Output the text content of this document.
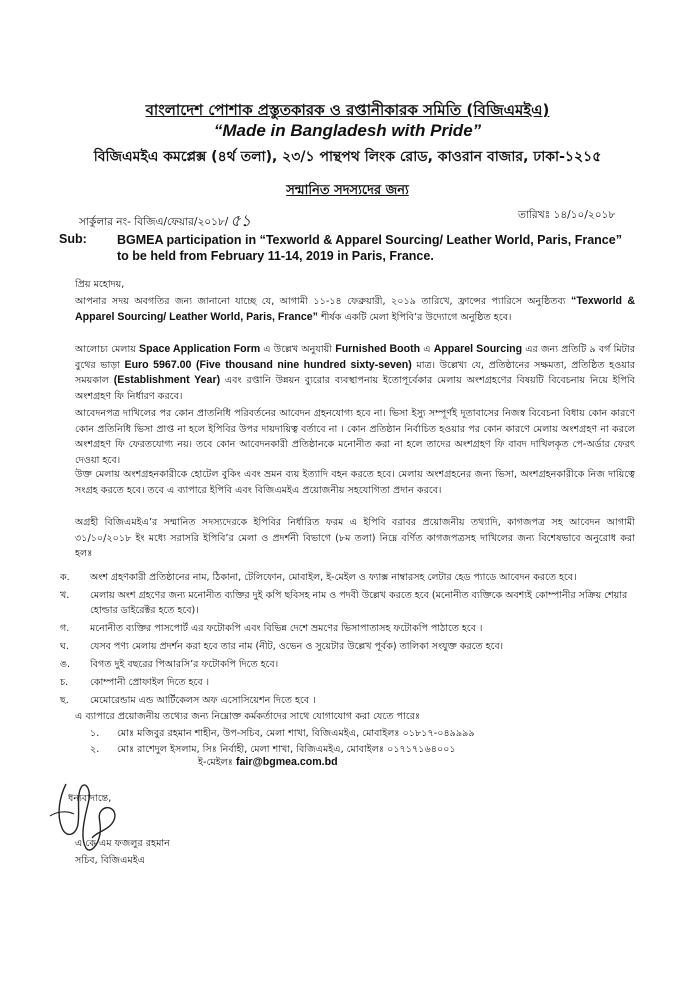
বাংলাদেশ পোশাক প্রস্তুতকারক ও রপ্তানীকারক সমিতি (বিজিএমইএ)
“Made in Bangladesh with Pride”
বিজিএমইএ কমপ্লেক্স (৪র্থ তলা), ২৩/১ পান্থপথ লিংক রোড, কাওরান বাজার, ঢাকা-১২১৫
সন্মানিত সদস্যদের জন্য
সার্কুলার নং- বিজিএ/ফেয়ার/২০১৮/ ৫১	তারিখঃ ১৪/১০/২০১৮
Sub: BGMEA participation in “Texworld & Apparel Sourcing/ Leather World, Paris, France” to be held from February 11-14, 2019 in Paris, France.
প্রিয় মহোদয়,
আপনার সদয় অবগতির জন্য জানানো যাচ্ছে যে, আগামী ১১-১৪ ফেব্রুয়ারী, ২০১৯ তারিখে, ফ্রান্সের প্যারিসে অনুষ্ঠিতব্য “Texworld & Apparel Sourcing/ Leather World, Paris, France” শীর্ষক একটি মেলা ইপিবি’র উদ্যোগে অনুষ্ঠিত হবে।
আলোচ্য মেলায় Space Application Form এ উল্লেখ অনুযায়ী Furnished Booth এ Apparel Sourcing এর জন্য প্রতিটি ৯ বর্গ মিটার বুথের ভাড়া Euro 5967.00 (Five thousand nine hundred sixty-seven) মাত্র। উল্লেখ্য যে, প্রতিষ্ঠানের সক্ষমতা, প্রতিষ্ঠিত হওয়ার সময়কাল (Establishment Year) এবং রপ্তানি উন্নয়ন ব্যুরোর ব্যবস্থাপনায় ইতোপূর্বেকার মেলায় অংশগ্রহণের বিষয়টি বিবেচনায় নিয়ে ইপিবি অংশগ্রহণ ফি নির্ধারণ করবে।
আবেদনপত্র দাখিলের পর কোন প্রাতনিধি পরিবর্তনের আবেদন গ্রহনযোগ্য হবে না। ভিসা ইস্যু সম্পূর্ণই দূতাবাসের নিজস্ব বিবেচনা বিধায় কোন কারণে কোন প্রতিনিধি ভিসা প্রাপ্ত না হলে ইপিবির উপর দায়দায়িত্ব বর্তাবে না । কোন প্রতিষ্ঠান নির্বাচিত হওয়ার পর কোন কারণে মেলায় অংশগ্রহণ না করলে অংশগ্রহণ ফি ফেরতযোগ্য নয়। তবে কোন আবেদনকারী প্রতিষ্ঠানকে মনোনীত করা না হলে তাদের অংশগ্রহণ ফি বাবদ দাখিলকৃত পে-অর্ডার ফেরৎ দেওয়া হবে।
উক্ত মেলায় অংশগ্রহনকারীকে হোটেল বুকিং এবং ভ্রমন ব্যয় ইত্যাদি বহন করতে হবে। মেলায় অংশগ্রহনের জন্য ভিসা, অংশগ্রহনকারীকে নিজ দায়িত্বে সংগ্রহ করতে হবে। তবে এ ব্যাপারে ইপিবি এবং বিজিএমইএ প্রয়োজনীয় সহযোগিতা প্রদান করবে।
অগ্রহী বিজিএমইএ’র সম্মানিত সদস্যদেরকে ইপিবির নির্ধারিত ফরম এ ইপিবি বরাবর প্রয়োজনীয় তথ্যাদি, কাগজপত্র সহ আবেদন আগামী ৩১/১০/২০১৮ ইং মধ্যে সরাসরি ইপিবি’র মেলা ও প্রদর্শনী বিভাগে (৮ম তলা) নিম্নে বর্ণিত কাগজপত্রসহ দাখিলের জন্য বিশেষভাবে অনুরোধ করা হলঃ
ক.	অংশ গ্রহণকারী প্রতিষ্ঠানের নাম, ঠিকানা, টেলিফোন, মোবাইল, ই-মেইল ও ফ্যাক্স নাম্বারসহ লেটার হেড প্যাডে আবেদন করতে হবে।
খ.	মেলায় অংশ গ্রহণের জন্য মনোনীত ব্যক্তির দুই কপি ছবিসহ নাম ও পদবী উল্লেখ করতে হবে (মনোনীত ব্যক্তিকে অবশ্যই কোম্পানীর সক্রিয় শেয়ার হোল্ডার ডাইরেক্টর হতে হবে)।
গ.	মনোনীত ব্যক্তির পাসপোর্ট এর ফটোকপি এবং বিভিন্ন দেশে ভ্রমণের ভিসাপাতাসহ ফটোকপি পাঠাতে হবে ।
ঘ.	যেসব পণ্য মেলায় প্রদর্শন করা হবে তার নাম (নীট, ওভেন ও সুয়েটার উল্লেখ পূর্বক) তালিকা সংযুক্ত করতে হবে।
ঙ.	বিগত দুই বছরের পিআরসি’র ফটোকপি দিতে হবে।
চ.	কোম্পানী প্রোফাইল দিতে হবে ।
ছ.	মেমোরেন্ডাম এন্ড আর্টিকেলস অফ এসোসিয়েশন দিতে হবে ।
এ ব্যাপারে প্রয়োজনীয় তথ্যের জন্য নিম্নোক্ত কর্মকর্তাদের সাথে যোগাযোগ করা যেতে পারেঃ
১.	মোঃ মজিবুর রহমান শাহীন, উপ-সচিব, মেলা শাখা, বিজিএমইএ, মোবাইলঃ ০১৮১৭-০৪৯৯৯৯
২.	মোঃ রাশেদুল ইসলাম, সিঃ নির্বাহী, মেলা শাখা, বিজিএমইএ, মোবাইলঃ ০১৭১৭১৬৪০০১
ই-মেইলঃ fair@bgmea.com.bd
ধন্যবাদান্তে,
এ কে এম ফজলুর রহমান
সচিব, বিজিএমইএ
